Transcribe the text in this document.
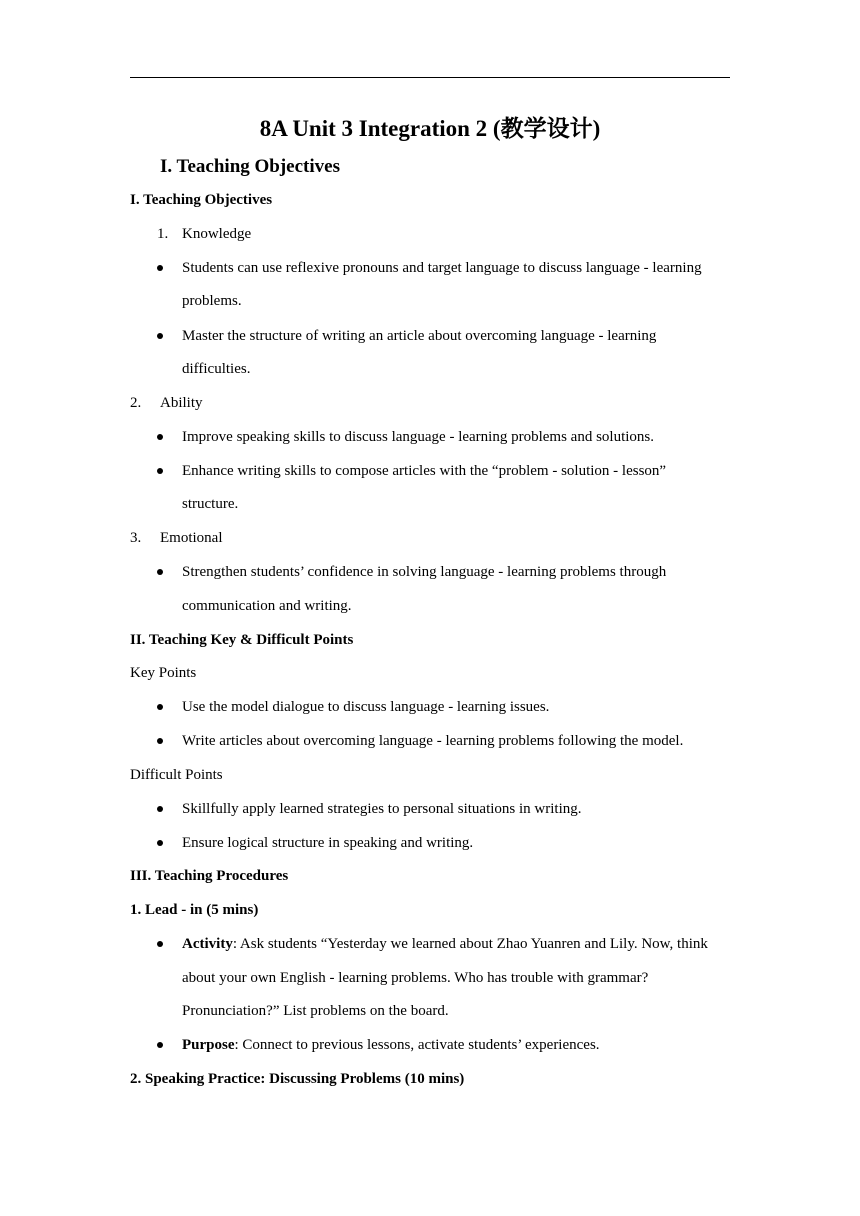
8A Unit 3 Integration 2 (教学设计)
I. Teaching Objectives
I. Teaching Objectives
1. Knowledge
Students can use reflexive pronouns and target language to discuss language - learning
problems.
Master the structure of writing an article about overcoming language - learning
difficulties.
2. Ability
Improve speaking skills to discuss language - learning problems and solutions.
Enhance writing skills to compose articles with the “problem - solution - lesson”
structure.
3. Emotional
Strengthen students’ confidence in solving language - learning problems through
communication and writing.
II. Teaching Key & Difficult Points
Key Points
Use the model dialogue to discuss language - learning issues.
Write articles about overcoming language - learning problems following the model.
Difficult Points
Skillfully apply learned strategies to personal situations in writing.
Ensure logical structure in speaking and writing.
III. Teaching Procedures
1. Lead - in (5 mins)
Activity: Ask students “Yesterday we learned about Zhao Yuanren and Lily. Now, think
about your own English - learning problems. Who has trouble with grammar?
Pronunciation?” List problems on the board.
Purpose: Connect to previous lessons, activate students’ experiences.
2. Speaking Practice: Discussing Problems (10 mins)
